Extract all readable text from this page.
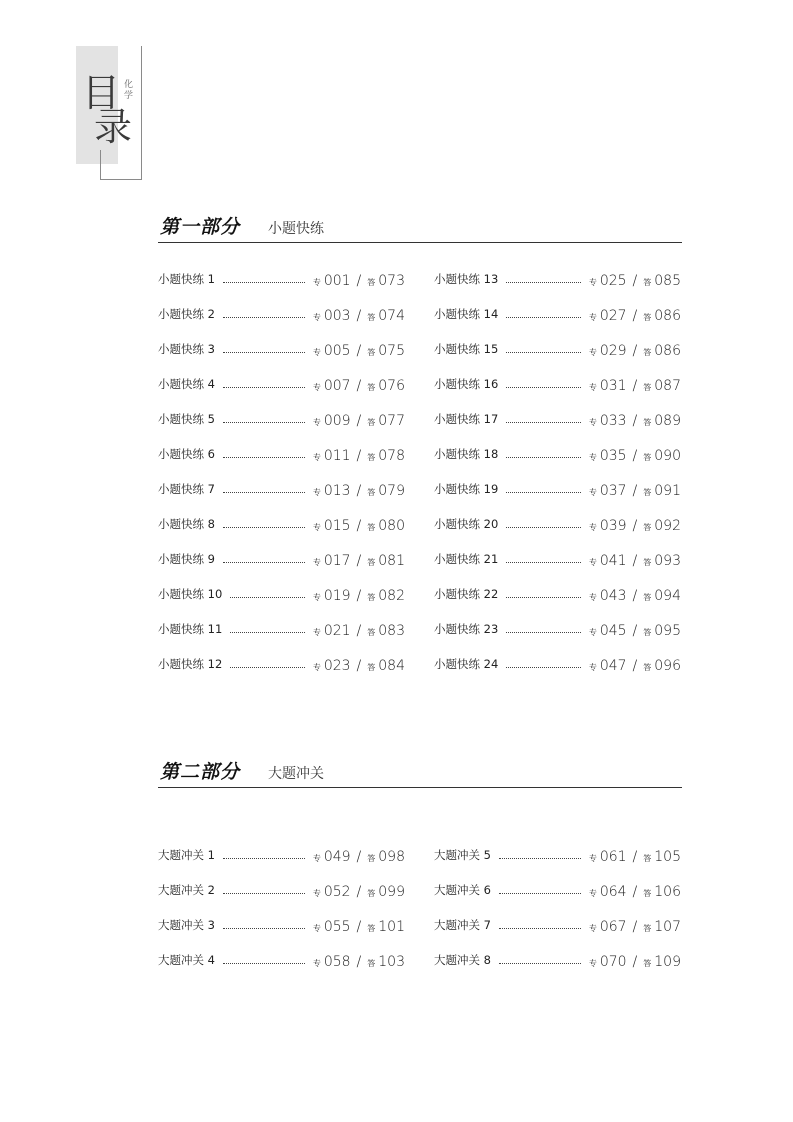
目
录
化学
第一部分 小题快练
第二部分 大题冲关
小题快练 1	专 001 / 答 073
小题快练 2	专 003 / 答 074
小题快练 3	专 005 / 答 075
小题快练 4	专 007 / 答 076
小题快练 5	专 009 / 答 077
小题快练 6	专 011 / 答 078
小题快练 7	专 013 / 答 079
小题快练 8	专 015 / 答 080
小题快练 9	专 017 / 答 081
小题快练 10	专 019 / 答 082
小题快练 11	专 021 / 答 083
小题快练 12	专 023 / 答 084
小题快练 13	专 025 / 答 085
小题快练 14	专 027 / 答 086
小题快练 15	专 029 / 答 086
小题快练 16	专 031 / 答 087
小题快练 17	专 033 / 答 089
小题快练 18	专 035 / 答 090
小题快练 19	专 037 / 答 091
小题快练 20	专 039 / 答 092
小题快练 21	专 041 / 答 093
小题快练 22	专 043 / 答 094
小题快练 23	专 045 / 答 095
小题快练 24	专 047 / 答 096
大题冲关 1	专 049 / 答 098
大题冲关 2	专 052 / 答 099
大题冲关 3	专 055 / 答 101
大题冲关 4	专 058 / 答 103
大题冲关 5	专 061 / 答 105
大题冲关 6	专 064 / 答 106
大题冲关 7	专 067 / 答 107
大题冲关 8	专 070 / 答 109
